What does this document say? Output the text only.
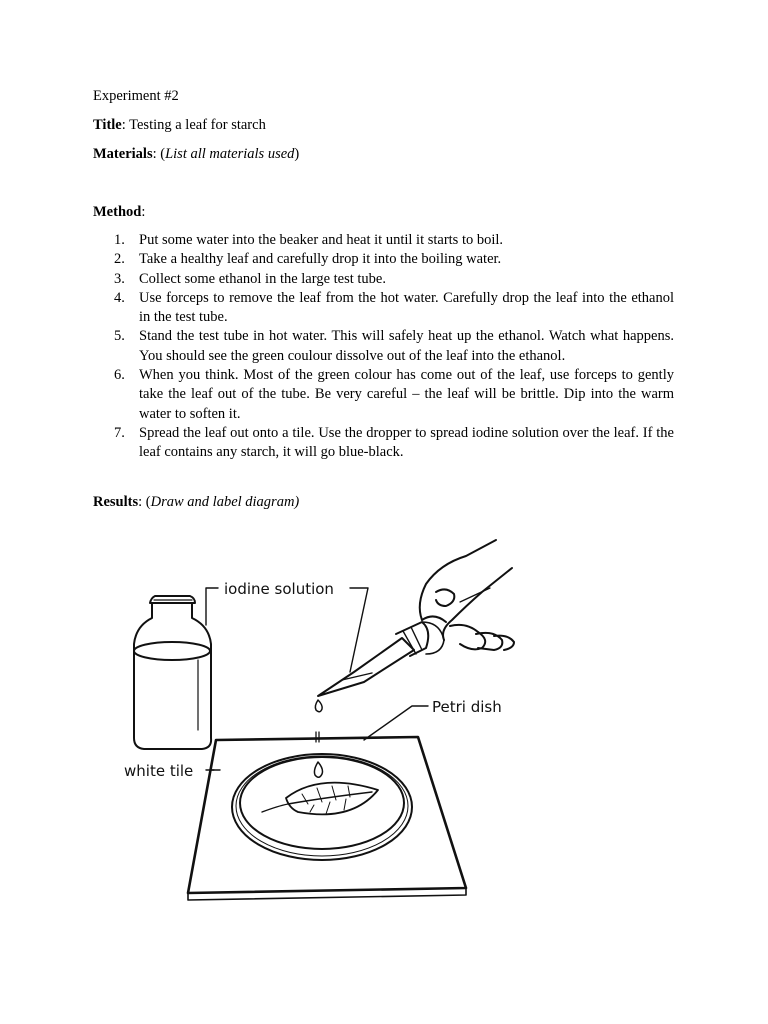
Experiment #2
Title: Testing a leaf for starch
Materials: (List all materials used)
Method:
1. Put some water into the beaker and heat it until it starts to boil.
2. Take a healthy leaf and carefully drop it into the boiling water.
3. Collect some ethanol in the large test tube.
4. Use forceps to remove the leaf from the hot water. Carefully drop the leaf into the ethanol in the test tube.
5. Stand the test tube in hot water. This will safely heat up the ethanol. Watch what happens. You should see the green coulour dissolve out of the leaf into the ethanol.
6. When you think. Most of the green colour has come out of the leaf, use forceps to gently take the leaf out of the tube. Be very careful – the leaf will be brittle. Dip into the warm water to soften it.
7. Spread the leaf out onto a tile. Use the dropper to spread iodine solution over the leaf. If the leaf contains any starch, it will go blue-black.
Results: (Draw and label diagram)
iodine solution
Petri dish
white tile
